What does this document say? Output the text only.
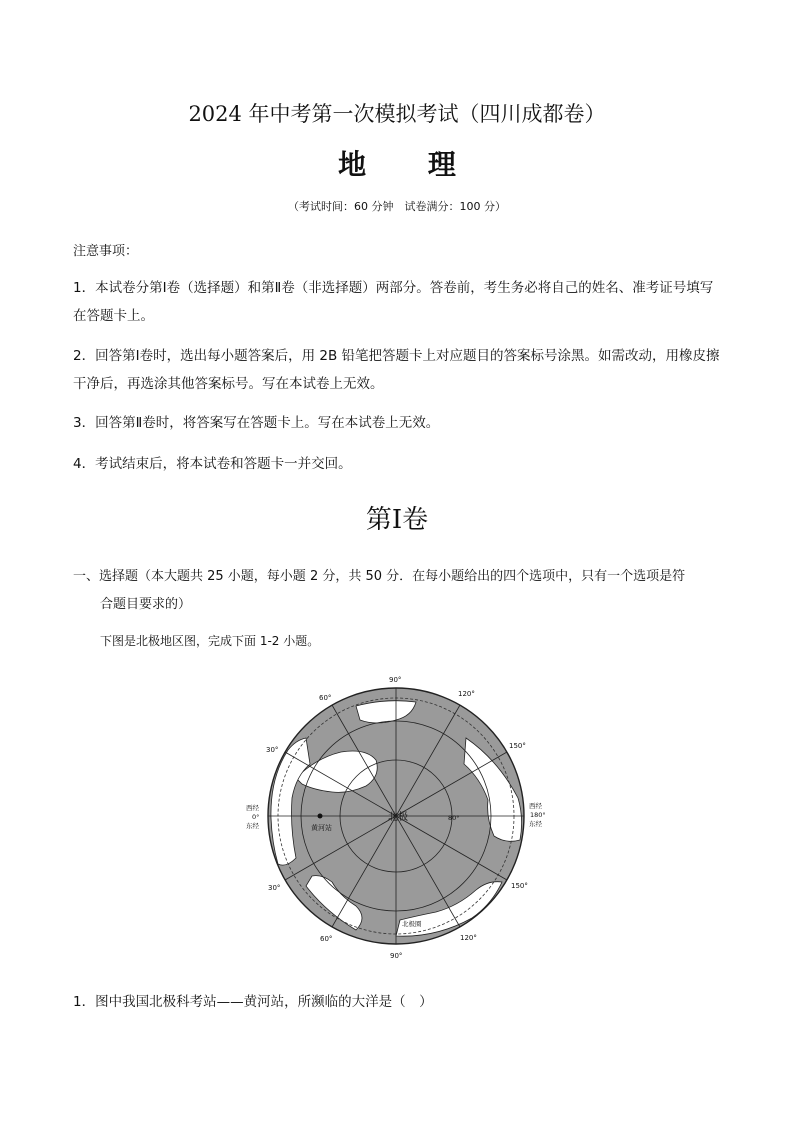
2024 年中考第一次模拟考试（四川成都卷）
地 理
（考试时间：60 分钟　试卷满分：100 分）
注意事项：
1．本试卷分第Ⅰ卷（选择题）和第Ⅱ卷（非选择题）两部分。答卷前，考生务必将自己的姓名、准考证号填写在答题卡上。
2．回答第Ⅰ卷时，选出每小题答案后，用 2B 铅笔把答题卡上对应题目的答案标号涂黑。如需改动，用橡皮擦干净后，再选涂其他答案标号。写在本试卷上无效。
3．回答第Ⅱ卷时，将答案写在答题卡上。写在本试卷上无效。
4．考试结束后，将本试卷和答题卡一并交回。
第Ⅰ卷
一、选择题（本大题共 25 小题，每小题 2 分，共 50 分．在每小题给出的四个选项中，只有一个选项是符
合题目要求的）
下图是北极地区图，完成下面 1-2 小题。
北极
黄河站
80°
北极圈
90°
90°
120°
60°
150°
30°
30°
60°	120°
150°
西经
0°
东经
西经
180°
东经
1．图中我国北极科考站——黄河站，所濒临的大洋是（　）
